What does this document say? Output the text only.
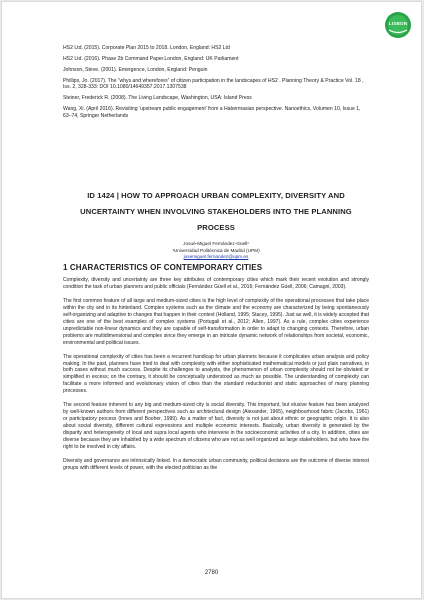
LISBON

HS2 Ltd. (2015). Corporate Plan 2015 to 2018. London, England: HS2 Ltd

HS2 Ltd. (2016). Phase 2b Command Paper.London, England: UK Parliament

Johnson, Steve. (2001). Emergence, London, England: Penguin

Phillips, Jo. (2017). The “whys and wherefores” of citizen participation in the landscapes of HS2 . Planning Theory & Practice Vol. 18 , Iss. 2, 328-333: DOI 10.1080/14649357.2017.1307538

Steiner, Frederick R. (2008). The Living Landscape, Washington, USA: Island Press

Wang, Xi. (April 2016). Revisiting ‘upstream public engagement’ from a Habermasian perspective. Nanoethics, Volumen 10, Issue 1, 63–74, Springer Netherlands

ID 1424 | HOW TO APPROACH URBAN COMPLEXITY, DIVERSITY AND UNCERTAINTY WHEN INVOLVING STAKEHOLDERS INTO THE PLANNING PROCESS
Josué-Miguel Fernández-Güell¹
¹Universidad Politécnica de Madrid (UPM)
josemiguel.fernandez@upm.es
1 CHARACTERISTICS OF CONTEMPORARY CITIES

Complexity, diversity and uncertainty are three key attributes of contemporary cities which mark their recent evolution and strongly condition the task of urban planners and public officials (Fernández Güell et al., 2016; Fernández Güell, 2006; Camagni, 2003).

The first common feature of all large and medium-sized cities is the high level of complexity of the operational processes that take place within the city and in its hinterland. Complex systems such as the climate and the economy are characterized by being spontaneously self-organizing and adaptive to changes that happen in their context (Holland, 1995; Stacey, 1995). Just as well, it is widely accepted that cities are one of the best examples of complex systems (Portugali et al., 2012; Allen, 1997). As a rule, complex cities experience unpredictable non-linear dynamics and they are capable of self-transformation in order to adapt to changing contexts. Therefore, urban problems are multidimensional and complex since they emerge in an intricate dynamic network of relationships from societal, economic, environmental and political issues.

The operational complexity of cities has been a recurrent handicap for urban planners because it complicates urban analysis and policy making. In the past, planners have tried to deal with complexity with either sophisticated mathematical models or just plain narratives, in both cases without much success. Despite its challenges to analysts, the phenomenon of urban complexity should not be obviated or simplified in excess; on the contrary, it should be conceptually understood as much as possible. The understanding of complexity can facilitate a more informed and evolutionary vision of cities than the standard reductionist and static approaches of many planning processes.

The second feature inherent to any big and medium-sized city is social diversity. This important, but elusive feature has been analyzed by well-known authors from different perspectives such as architectural design (Alexander, 1965), neighbourhood fabric (Jacobs, 1961) or participatory process (Innes and Booher, 1999). As a matter of fact, diversity is not just about ethnic or geographic origin. It is also about social diversity, different cultural expressions and multiple economic interests. Basically, urban diversity is generated by the disparity and heterogeneity of local and supra local agents who intervene in the socioeconomic activities of a city. In addition, cities are diverse because they are inhabited by a wide spectrum of citizens who are not as well organized as large stakeholders, but who have the right to be involved in city affairs.

Diversity and governance are intrinsically linked. In a democratic urban community, political decisions are the outcome of diverse interest groups with different levels of power, with the elected politician as the

2780
